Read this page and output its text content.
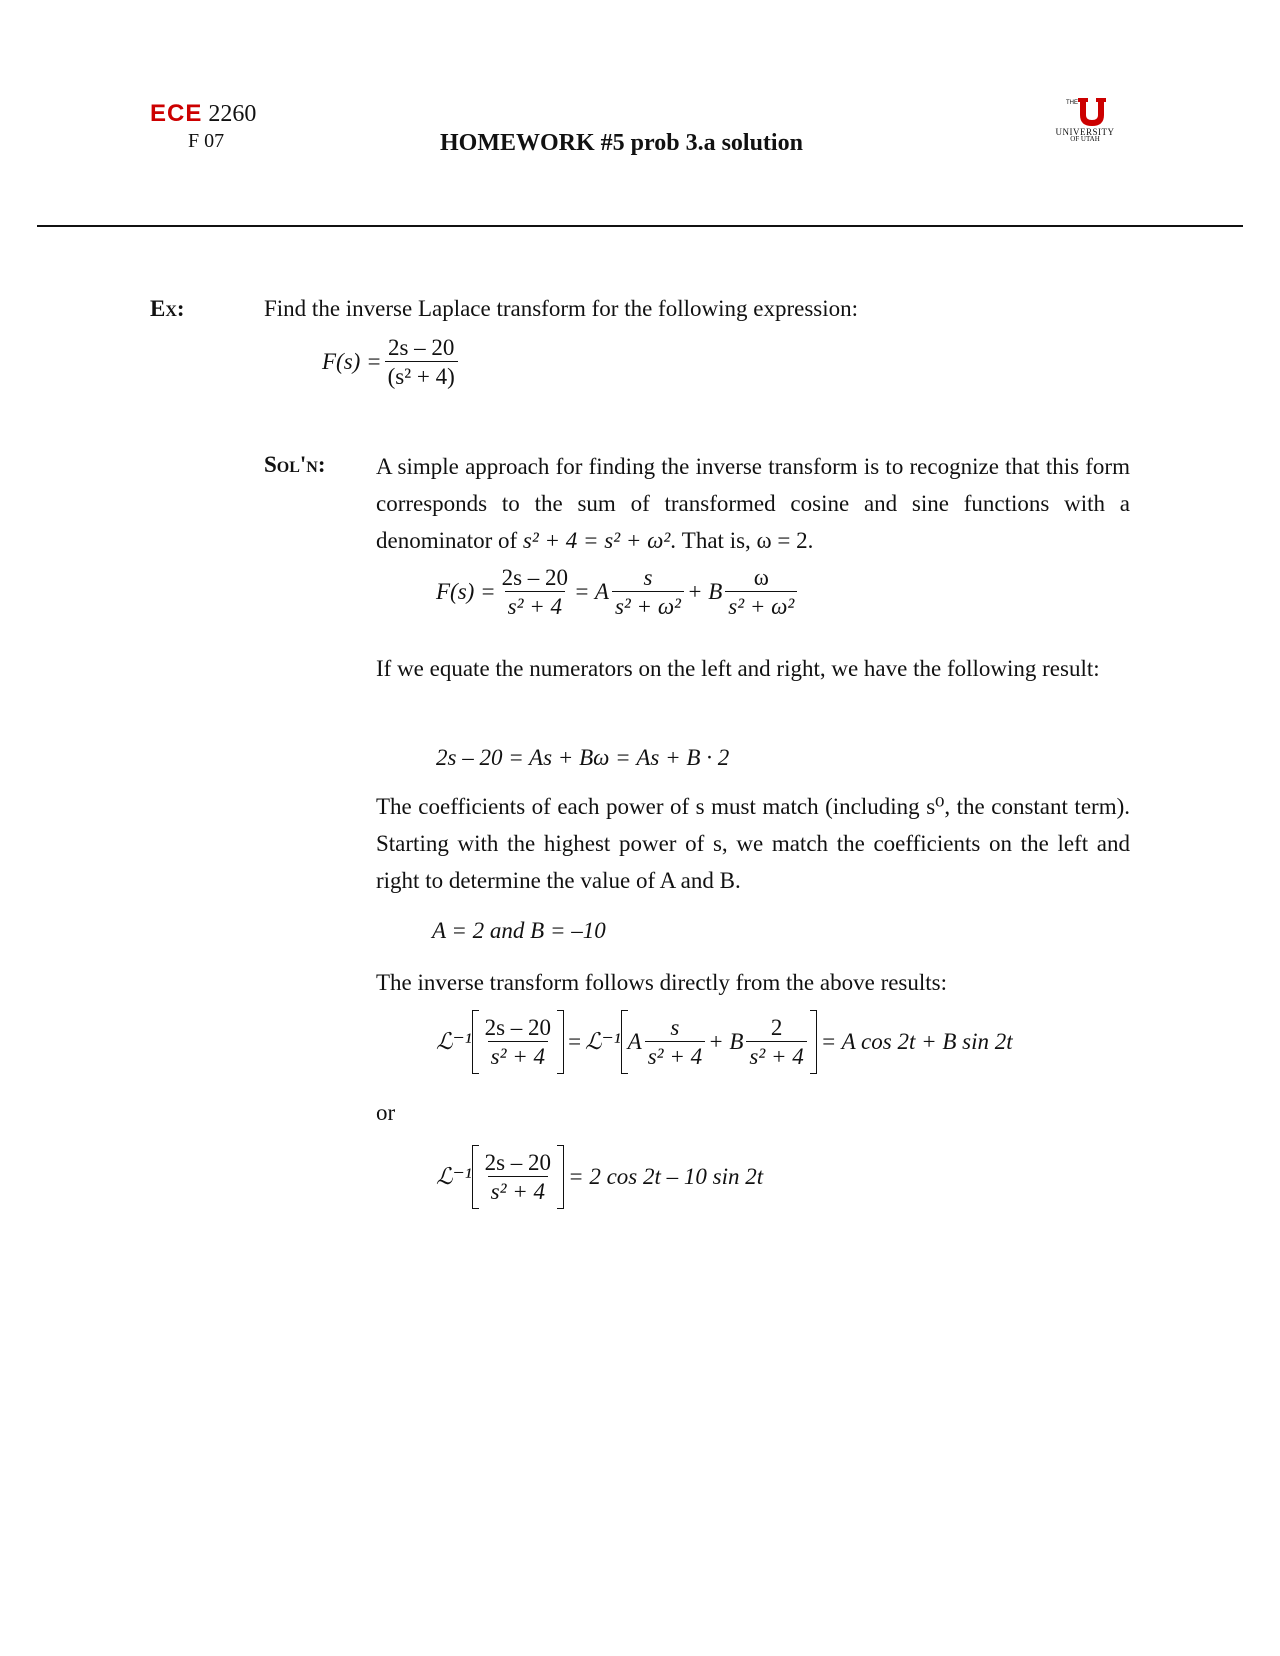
ECE 2260
F 07	HOMEWORK #5 prob 3.a solution
THE
UNIVERSITY
OF UTAH
Ex:	Find the inverse Laplace transform for the following expression:
$F(s) = \frac{2s - 20}{\text{(s² + 4)}}$
Sol'n: A simple approach for finding the inverse transform is to recognize that this form corresponds to the sum of transformed cosine and sine functions with a denominator of s² + 4 = s² + ω². That is, ω = 2.
$F(s) = \frac{2s - 20}{\text{s² + 4}} = A \frac{s}{\text{s² + ω²}} + B \frac{\omega}{\text{s² + ω²}}$
If we equate the numerators on the left and right, we have the following result:
2s – 20 = As + Bω = As + B · 2
The coefficients of each power of s must match (including s⁰, the constant term). Starting with the highest power of s, we match the coefficients on the left and right to determine the value of A and B.
A = 2 and B = –10
The inverse transform follows directly from the above results:
ℒ⁻¹ $\frac{2s - 20}{\text{s² + 4}}$ = ℒ⁻¹ A $\frac{s}{\text{s² + 4}} + B \frac{2}{\text{s² + 4}} = A$ cos 2t + B sin 2t
or
ℒ⁻¹ $\frac{2s - 20}{\text{s² + 4}} = 2$ cos 2t – 10 sin 2t
